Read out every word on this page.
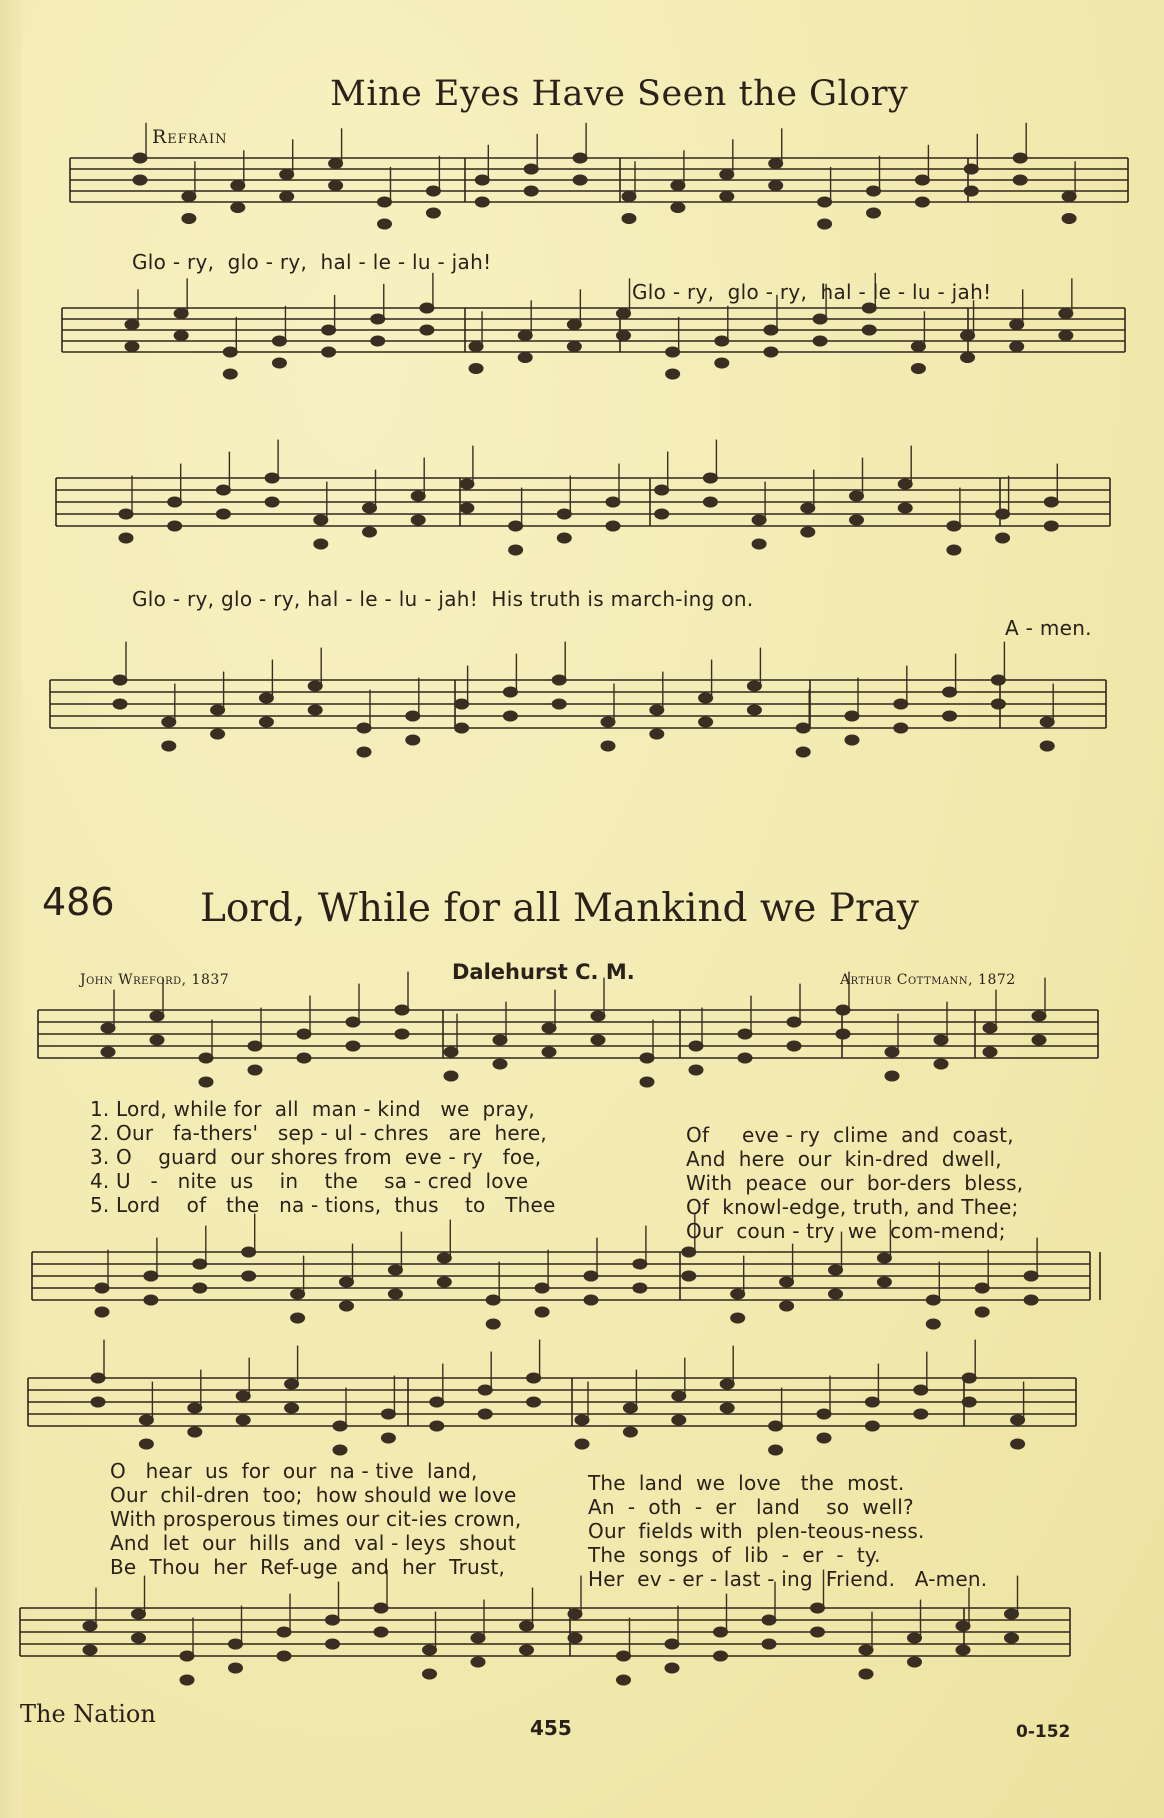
Mine Eyes Have Seen the Glory
Refrain
Glo - ry,  glo - ry,  hal - le - lu - jah!
Glo - ry,  glo - ry,  hal - le - lu - jah!
Glo - ry, glo - ry, hal - le - lu - jah!  His truth is march-ing on.
A - men.
486 Lord, While for all Mankind we Pray
John Wreford, 1837	Dalehurst C. M.	Arthur Cottmann, 1872
1. Lord, while for  all  man - kind   we  pray,
2. Our   fa-thers'   sep - ul - chres   are  here,
3. O    guard  our shores from  eve - ry   foe,
4. U   -   nite  us    in    the    sa - cred  love
5. Lord    of   the   na - tions,  thus    to   Thee
Of     eve - ry  clime  and  coast,
And  here  our  kin-dred  dwell,
With  peace  our  bor-ders  bless,
Of  knowl-edge, truth, and Thee;
Our  coun - try  we  com-mend;
O   hear  us  for  our  na - tive  land,
Our  chil-dren  too;  how should we love
With prosperous times our cit-ies crown,
And  let  our  hills  and  val - leys  shout
Be  Thou  her  Ref-uge  and  her  Trust,
The  land  we  love   the  most.
An  -  oth  -  er   land    so  well?
Our  fields with  plen-teous-ness.
The  songs  of  lib  -  er  -  ty.
Her  ev - er - last - ing  Friend.   A-men.
The Nation	455	0-152
